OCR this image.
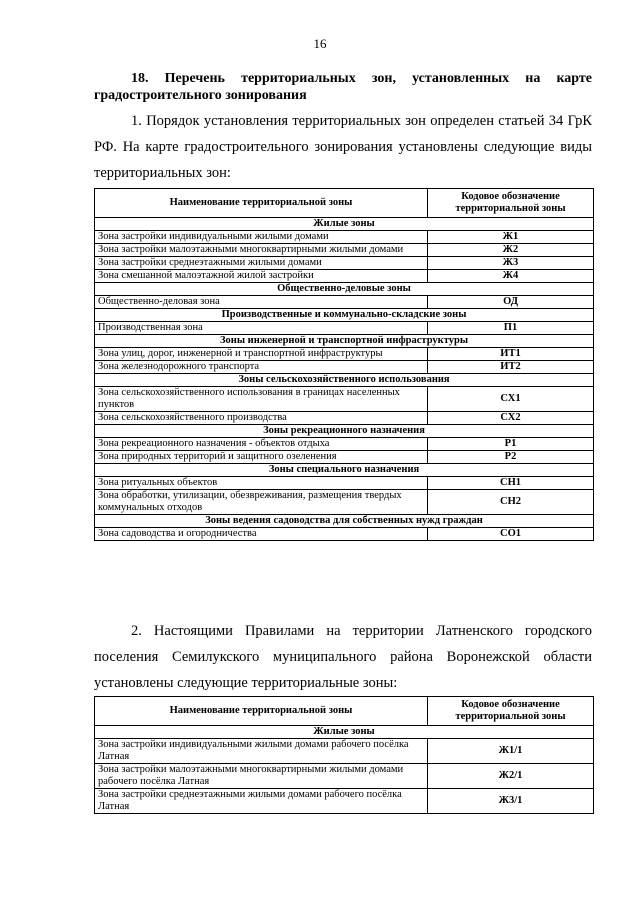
16
18. Перечень территориальных зон, установленных на карте
градостроительного зонирования
1. Порядок установления территориальных зон определен статьей 34 ГрК РФ. На карте градостроительного зонирования установлены следующие виды территориальных зон:
Наименование территориальной зоны	Кодовое обозначение территориальной зоны
Жилые зоны	
Зона застройки индивидуальными жилыми домами	Ж1
Зона застройки малоэтажными многоквартирными жилыми домами	Ж2
Зона застройки среднеэтажными жилыми домами	Ж3
Зона смешанной малоэтажной жилой застройки	Ж4
Общественно-деловые зоны	
Общественно-деловая зона	ОД
Производственные и коммунально-складские зоны	
Производственная зона	П1
Зоны инженерной и транспортной инфраструктуры	
Зона улиц, дорог, инженерной и транспортной инфраструктуры	ИТ1
Зона железнодорожного транспорта	ИТ2
Зоны сельскохозяйственного использования	
Зона сельскохозяйственного использования в границах населенных пунктов	СХ1
Зона сельскохозяйственного производства	СХ2
Зоны рекреационного назначения	
Зона рекреационного назначения - объектов отдыха	Р1
Зона природных территорий и защитного озеленения	Р2
Зоны специального назначения	
Зона ритуальных объектов	СН1
Зона обработки, утилизации, обезвреживания, размещения твердых коммунальных отходов	СН2
Зоны ведения садоводства для собственных нужд граждан	
Зона садоводства и огородничества	СО1
2. Настоящими Правилами на территории Латненского городского поселения Семилукского муниципального района Воронежской области установлены следующие территориальные зоны:
Наименование территориальной зоны	Кодовое обозначение территориальной зоны
Жилые зоны	
Зона застройки индивидуальными жилыми домами рабочего посёлка Латная	Ж1/1
Зона застройки малоэтажными многоквартирными жилыми домами рабочего посёлка Латная	Ж2/1
Зона застройки среднеэтажными жилыми домами рабочего посёлка Латная	Ж3/1
